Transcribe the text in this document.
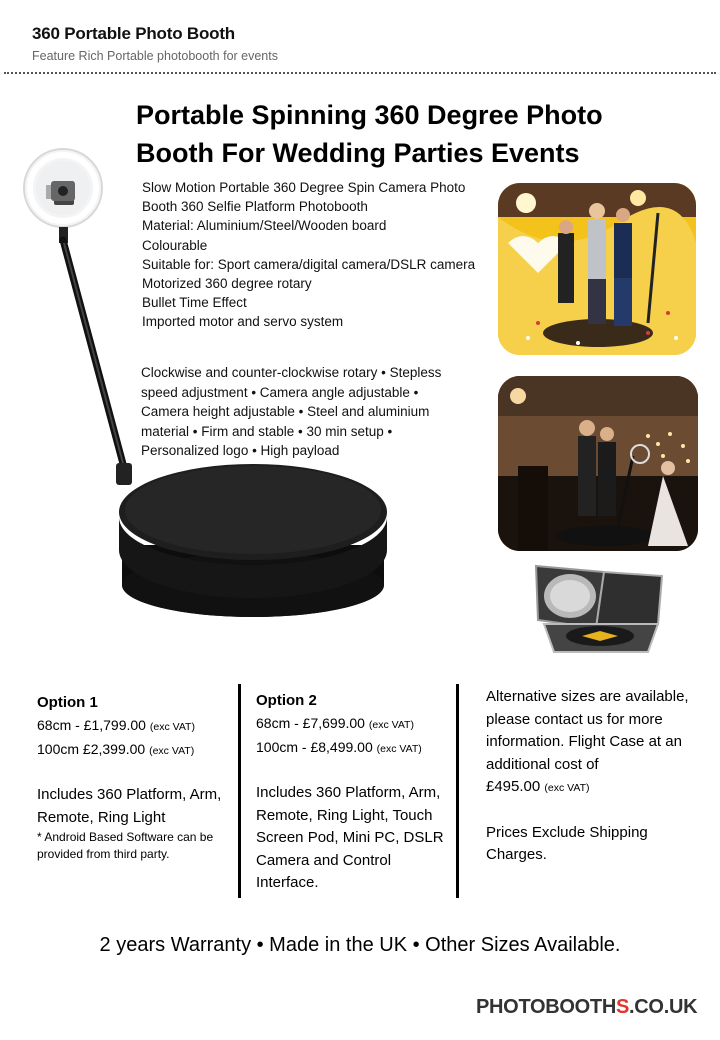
360 Portable Photo Booth
Feature Rich Portable photobooth for events
Portable Spinning 360 Degree Photo Booth For Wedding Parties Events
Slow Motion Portable 360 Degree Spin Camera Photo Booth 360 Selfie Platform Photobooth
Material: Aluminium/Steel/Wooden board
Colourable
Suitable for: Sport camera/digital camera/DSLR camera
Motorized 360 degree rotary
Bullet Time Effect
Imported motor and servo system
Clockwise and counter-clockwise rotary • Stepless speed adjustment • Camera angle adjustable • Camera height adjustable • Steel and aluminium material • Firm and stable • 30 min setup • Personalized logo • High payload
Option 1
68cm - £1,799.00 (exc VAT)
100cm £2,399.00 (exc VAT)
Includes 360 Platform, Arm, Remote, Ring Light
* Android Based Software can be provided from third party.
Option 2
68cm - £7,699.00 (exc VAT)
100cm - £8,499.00 (exc VAT)
Includes 360 Platform, Arm, Remote, Ring Light, Touch Screen Pod, Mini PC, DSLR Camera and Control Interface.
Alternative sizes are available, please contact us for more information. Flight Case at an additional cost of
£495.00 (exc VAT)
Prices Exclude Shipping Charges.
2 years Warranty • Made in the UK • Other Sizes Available.
PHOTOBOOTHS.CO.UK
